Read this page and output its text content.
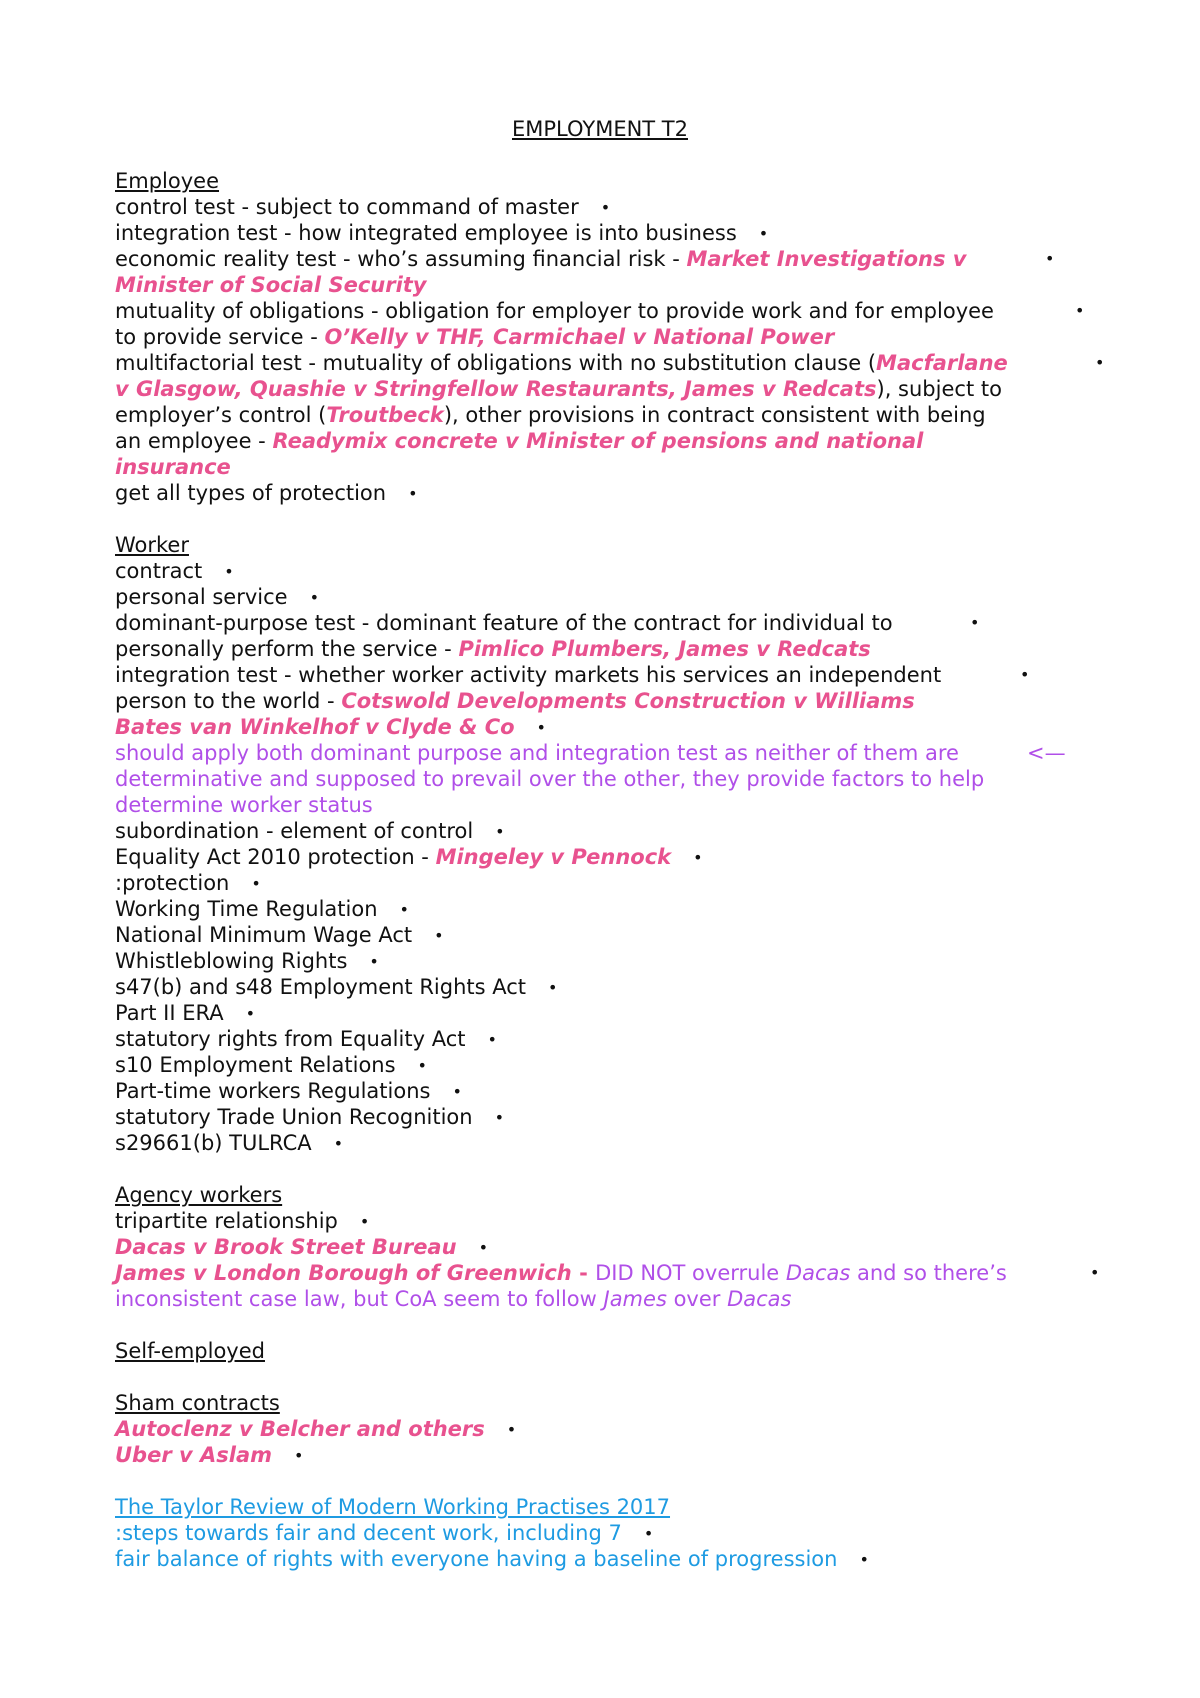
EMPLOYMENT T2
Employee
control test - subject to command of master •
integration test - how integrated employee is into business •
economic reality test - who’s assuming financial risk - Market Investigations v	•
Minister of Social Security
mutuality of obligations - obligation for employer to provide work and for employee	•
to provide service - O’Kelly v THF, Carmichael v National Power
multifactorial test - mutuality of obligations with no substitution clause (Macfarlane	•
v Glasgow, Quashie v Stringfellow Restaurants, James v Redcats), subject to
employer’s control (Troutbeck), other provisions in contract consistent with being
an employee - Readymix concrete v Minister of pensions and national
insurance
get all types of protection •
Worker
contract •
personal service •
dominant-purpose test - dominant feature of the contract for individual to	•
personally perform the service - Pimlico Plumbers, James v Redcats
integration test - whether worker activity markets his services an independent	•
person to the world - Cotswold Developments Construction v Williams
Bates van Winkelhof v Clyde & Co •
should apply both dominant purpose and integration test as neither of them are	<—
determinative and supposed to prevail over the other, they provide factors to help
determine worker status
subordination - element of control •
Equality Act 2010 protection - Mingeley v Pennock •
:protection •
Working Time Regulation •
National Minimum Wage Act •
Whistleblowing Rights •
s47(b) and s48 Employment Rights Act •
Part II ERA •
statutory rights from Equality Act •
s10 Employment Relations •
Part-time workers Regulations •
statutory Trade Union Recognition •
s29661(b) TULRCA •
Agency workers
tripartite relationship •
Dacas v Brook Street Bureau •
James v London Borough of Greenwich - DID NOT overrule Dacas and so there’s	•
inconsistent case law, but CoA seem to follow James over Dacas
Self-employed
Sham contracts
Autoclenz v Belcher and others •
Uber v Aslam •
The Taylor Review of Modern Working Practises 2017
:steps towards fair and decent work, including 7 •
fair balance of rights with everyone having a baseline of progression •
